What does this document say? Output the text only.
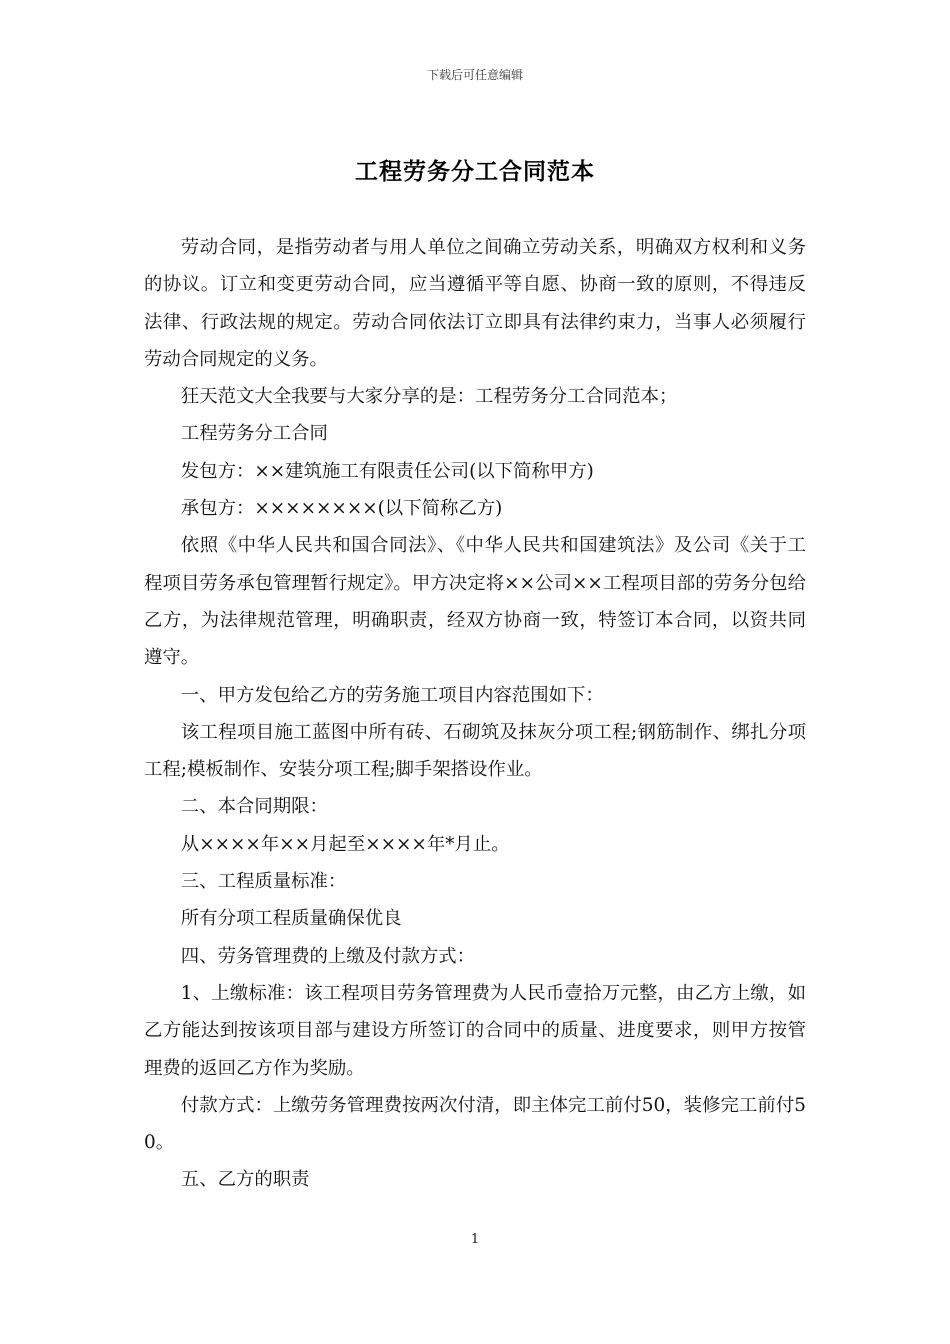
下载后可任意编辑
工程劳务分工合同范本

劳动合同，是指劳动者与用人单位之间确立劳动关系，明确双方权利和义务的协议。订立和变更劳动合同，应当遵循平等自愿、协商一致的原则，不得违反法律、行政法规的规定。劳动合同依法订立即具有法律约束力，当事人必须履行劳动合同规定的义务。

狂天范文大全我要与大家分享的是：工程劳务分工合同范本；

工程劳务分工合同

发包方：××建筑施工有限责任公司(以下简称甲方)

承包方：××××××××(以下简称乙方)

依照《中华人民共和国合同法》、《中华人民共和国建筑法》及公司《关于工程项目劳务承包管理暂行规定》。甲方决定将××公司××工程项目部的劳务分包给乙方，为法律规范管理，明确职责，经双方协商一致，特签订本合同，以资共同遵守。

一、甲方发包给乙方的劳务施工项目内容范围如下：

该工程项目施工蓝图中所有砖、石砌筑及抹灰分项工程;钢筋制作、绑扎分项工程;模板制作、安装分项工程;脚手架搭设作业。

二、本合同期限：

从××××年××月起至××××年*月止。

三、工程质量标准：

所有分项工程质量确保优良

四、劳务管理费的上缴及付款方式：

1、上缴标准：该工程项目劳务管理费为人民币壹拾万元整，由乙方上缴，如乙方能达到按该项目部与建设方所签订的合同中的质量、进度要求，则甲方按管理费的返回乙方作为奖励。

付款方式：上缴劳务管理费按两次付清，即主体完工前付50，装修完工前付50。

五、乙方的职责

1
